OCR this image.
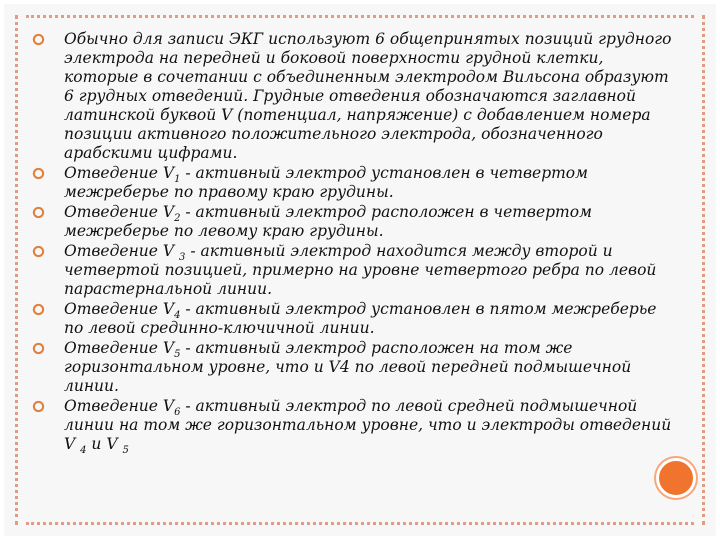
Обычно для записи ЭКГ используют 6 общепринятых позиций грудного электрода на передней и боковой поверхности грудной клетки, которые в сочетании с объединенным электродом Вильсона образуют 6 грудных отведений. Грудные отведения обозначаются заглавной латинской буквой V (потенциал, напряжение) с добавлением номера позиции активного положительного электрода, обозначенного арабскими цифрами.
Отведение $V_1$ - активный электрод установлен в четвертом межреберье по правому краю грудины.
Отведение $V_2$ - активный электрод расположен в четвертом межреберье по левому краю грудины.
Отведение V $_3$ - активный электрод находится между второй и четвертой позицией, примерно на уровне четвертого ребра по левой парастернальной линии.
Отведение $V_4$ - активный электрод установлен в пятом межреберье по левой срединно-ключичной линии.
Отведение $V_5$ - активный электрод расположен на том же горизонтальном уровне, что и V4 по левой передней подмышечной линии.
Отведение $V_6$ - активный электрод по левой средней подмышечной линии на том же горизонтальном уровне, что и электроды отведений V $_4$ и V $_5$
